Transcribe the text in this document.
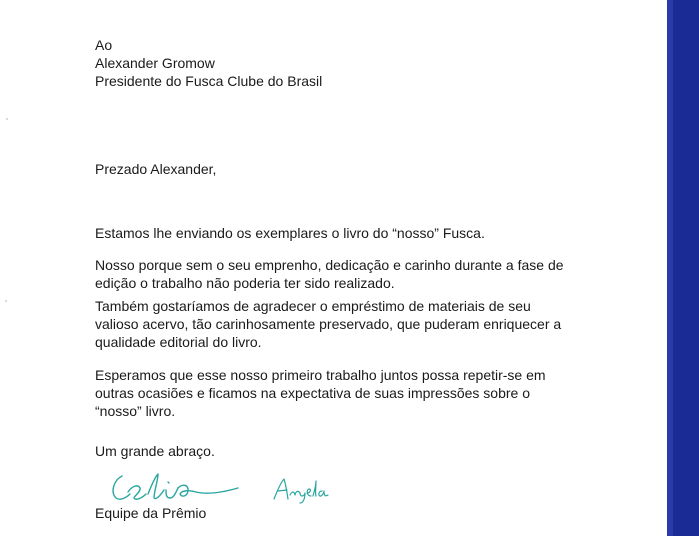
Ao
Alexander Gromow
Presidente do Fusca Clube do Brasil
Prezado Alexander,
Estamos lhe enviando os exemplares o livro do “nosso” Fusca.
Nosso porque sem o seu emprenho, dedicação e carinho durante a fase de
edição o trabalho não poderia ter sido realizado.
Também gostaríamos de agradecer o empréstimo de materiais de seu
valioso acervo, tão carinhosamente preservado, que puderam enriquecer a
qualidade editorial do livro.
Esperamos que esse nosso primeiro trabalho juntos possa repetir-se em
outras ocasiões e ficamos na expectativa de suas impressões sobre o
“nosso” livro.
Um grande abraço.
Equipe da Prêmio
